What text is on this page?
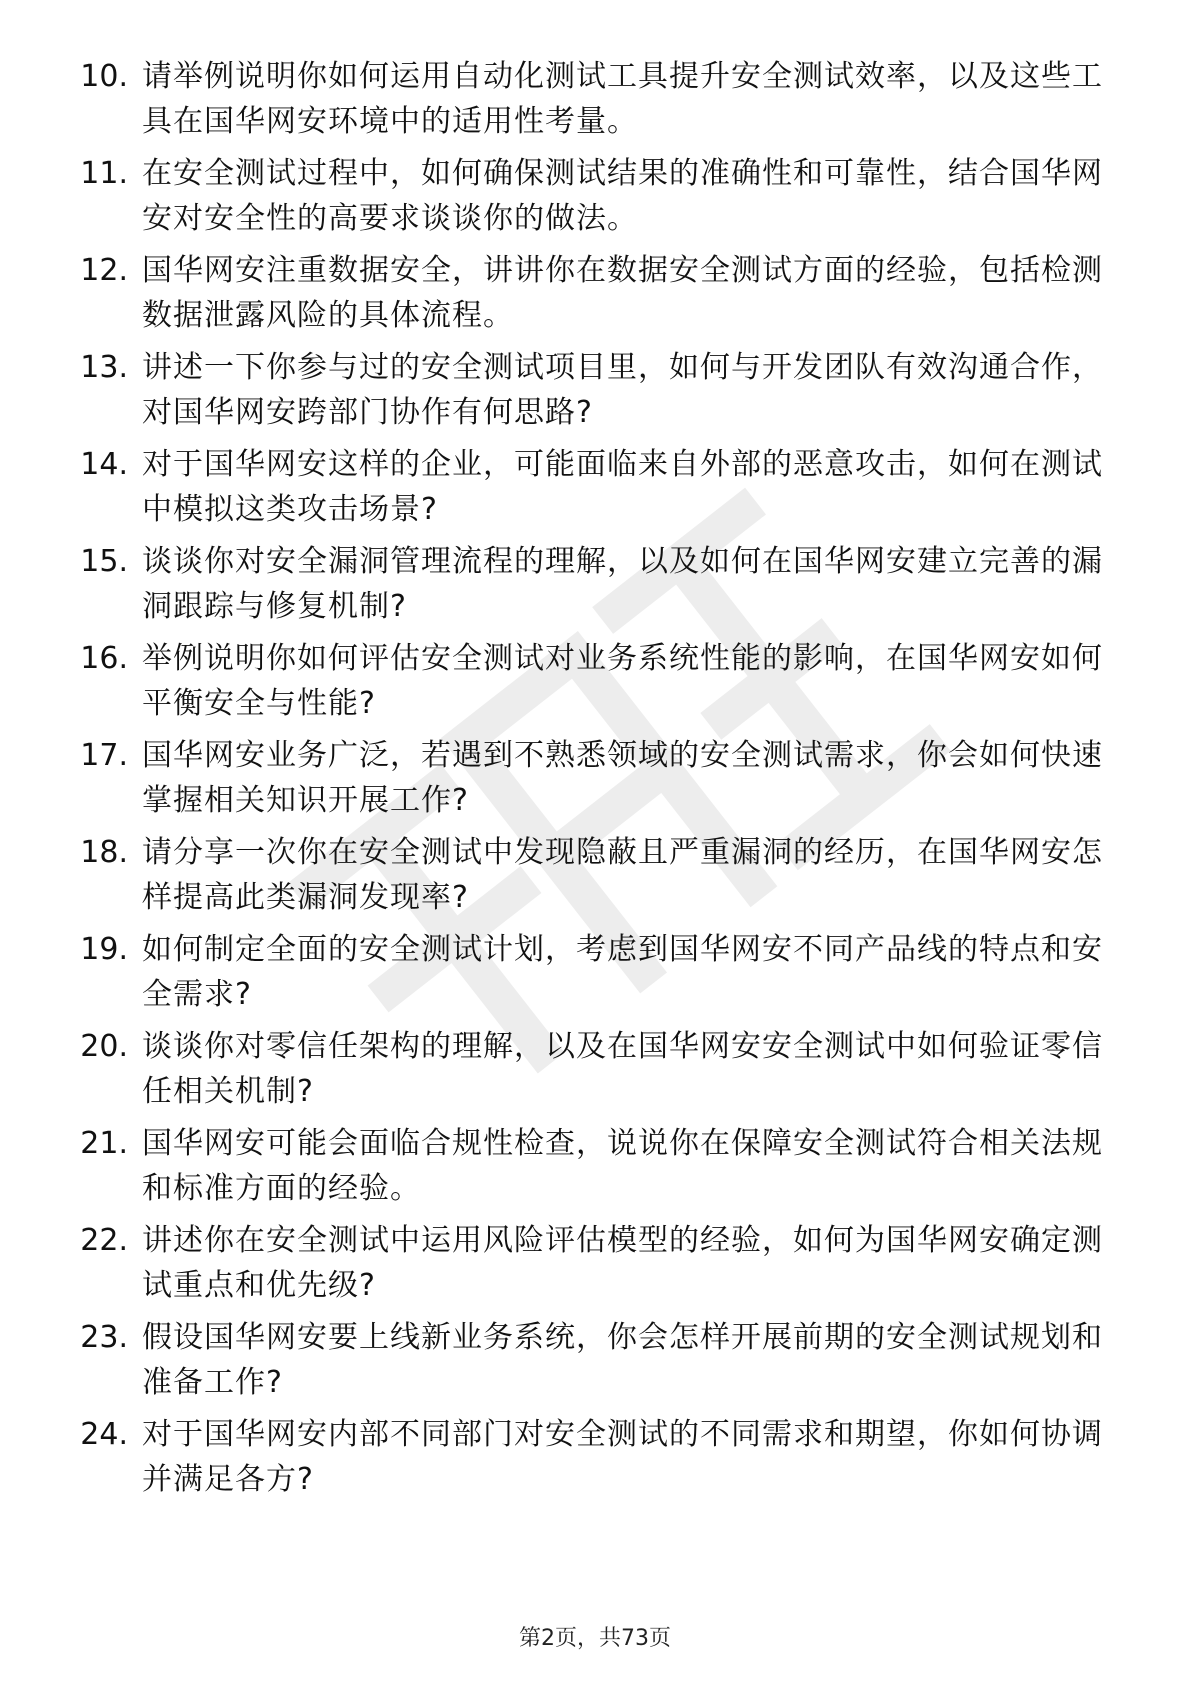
10. 请举例说明你如何运用自动化测试工具提升安全测试效率，以及这些工具在国华网安环境中的适用性考量。
11. 在安全测试过程中，如何确保测试结果的准确性和可靠性，结合国华网安对安全性的高要求谈谈你的做法。
12. 国华网安注重数据安全，讲讲你在数据安全测试方面的经验，包括检测数据泄露风险的具体流程。
13. 讲述一下你参与过的安全测试项目里，如何与开发团队有效沟通合作，对国华网安跨部门协作有何思路?
14. 对于国华网安这样的企业，可能面临来自外部的恶意攻击，如何在测试中模拟这类攻击场景?
15. 谈谈你对安全漏洞管理流程的理解，以及如何在国华网安建立完善的漏洞跟踪与修复机制?
16. 举例说明你如何评估安全测试对业务系统性能的影响，在国华网安如何平衡安全与性能?
17. 国华网安业务广泛，若遇到不熟悉领域的安全测试需求，你会如何快速掌握相关知识开展工作?
18. 请分享一次你在安全测试中发现隐蔽且严重漏洞的经历，在国华网安怎样提高此类漏洞发现率?
19. 如何制定全面的安全测试计划，考虑到国华网安不同产品线的特点和安全需求?
20. 谈谈你对零信任架构的理解，以及在国华网安安全测试中如何验证零信任相关机制?
21. 国华网安可能会面临合规性检查，说说你在保障安全测试符合相关法规和标准方面的经验。
22. 讲述你在安全测试中运用风险评估模型的经验，如何为国华网安确定测试重点和优先级?
23. 假设国华网安要上线新业务系统，你会怎样开展前期的安全测试规划和准备工作?
24. 对于国华网安内部不同部门对安全测试的不同需求和期望，你如何协调并满足各方?
第2页，共73页
